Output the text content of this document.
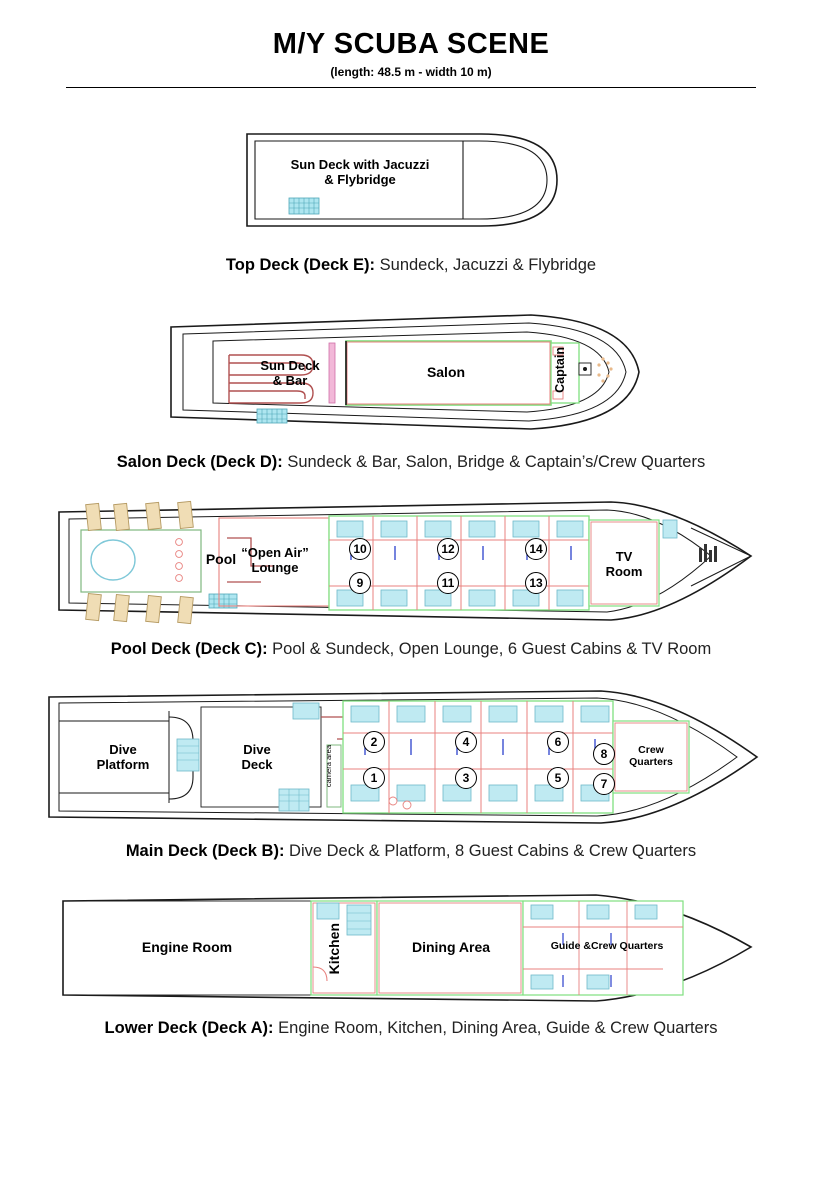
M/Y SCUBA SCENE
(length: 48.5 m - width 10 m)
Sun Deck with Jacuzzi
& Flybridge
Top Deck (Deck E): Sundeck, Jacuzzi & Flybridge
Sun Deck
& Bar
Salon	Captain
Salon Deck (Deck D): Sundeck & Bar, Salon, Bridge & Captain’s/Crew Quarters
Pool “Open Air”
Lounge
TV
Room
10	12	14
9	11	13
Pool Deck (Deck C): Pool & Sundeck, Open Lounge, 6 Guest Cabins & TV Room
Dive
Platform
Dive
Deck	camera area	Crew
Quarters
2	4	6
8
1	3	5	7
Main Deck (Deck B): Dive Deck & Platform, 8 Guest Cabins & Crew Quarters
Engine Room	Kitchen	Dining Area	Guide &Crew Quarters
Lower Deck (Deck A): Engine Room, Kitchen, Dining Area, Guide & Crew Quarters
